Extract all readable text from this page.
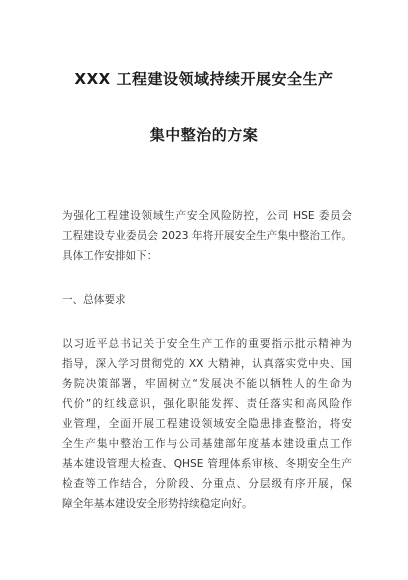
XXX 工程建设领域持续开展安全生产
集中整治的方案
为强化工程建设领域生产安全风险防控，公司 HSE 委员会
工程建设专业委员会 2023 年将开展安全生产集中整治工作。
具体工作安排如下：
一、总体要求
以习近平总书记关于安全生产工作的重要指示批示精神为
指导，深入学习贯彻党的 XX 大精神，认真落实党中央、国
务院决策部署，牢固树立“发展决不能以牺牲人的生命为
代价”的红线意识，强化职能发挥、责任落实和高风险作
业管理，全面开展工程建设领域安全隐患排查整治，将安
全生产集中整治工作与公司基建部年度基本建设重点工作
基本建设管理大检查、QHSE 管理体系审核、冬期安全生产
检查等工作结合，分阶段、分重点、分层级有序开展，保
障全年基本建设安全形势持续稳定向好。
